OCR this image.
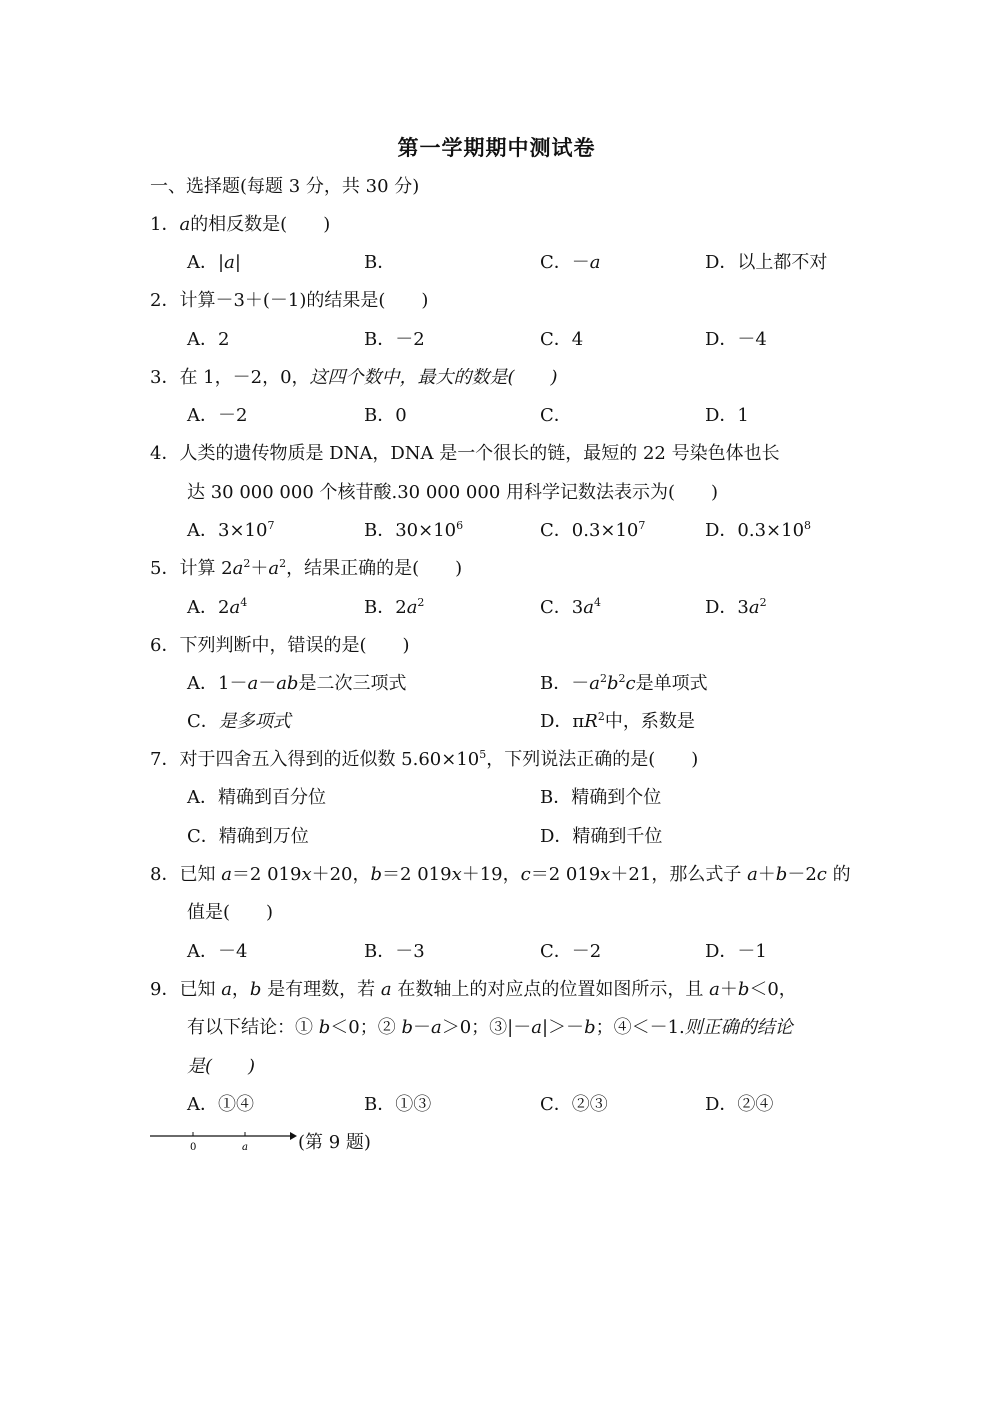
第一学期期中测试卷
一、选择题(每题 3 分，共 30 分)
1．a的相反数是(　　)
A．|a|	B．	C．－a	D．以上都不对
2．计算－3＋(－1)的结果是(　　)
A．2	B．－2	C．4	D．－4
3．在 1，－2，0，这四个数中，最大的数是(　　)
A．－2	B．0	C．	D．1
4．人类的遗传物质是 DNA，DNA 是一个很长的链，最短的 22 号染色体也长
达 30 000 000 个核苷酸.30 000 000 用科学记数法表示为(　　)
A．$3\times 10^7$	B．$30\times 10^6$	C．$0.3\times 10^7$	D．$0.3\times 10^8$
5．计算 $2a^2+a^2$，结果正确的是(　　)
A．$2a^4$	B．$2a^2$	C．$3a^4$	D．$3a^2$
6．下列判断中，错误的是(　　)
A．1－a－ab是二次三项式	B．$-a^2b^2c$是单项式
C．是多项式	D．$\pi R^2$中，系数是
7．对于四舍五入得到的近似数 $5.60\times 10^5$，下列说法正确的是(　　)
A．精确到百分位	B．精确到个位
C．精确到万位	D．精确到千位
8．已知 a＝2 019x＋20，b＝2 019x＋19，c＝2 019x＋21，那么式子 a＋b－2c 的
值是(　　)
A．－4	B．－3	C．－2	D．－1
9．已知 a，b 是有理数，若 a 在数轴上的对应点的位置如图所示，且 a＋b＜0，
有以下结论：① b＜0；② b－a＞0；③|－a|＞－b；④＜－1.则正确的结论
是(　　)
A．①④	B．①③	C．②③	D．②④
0	a	(第 9 题)
